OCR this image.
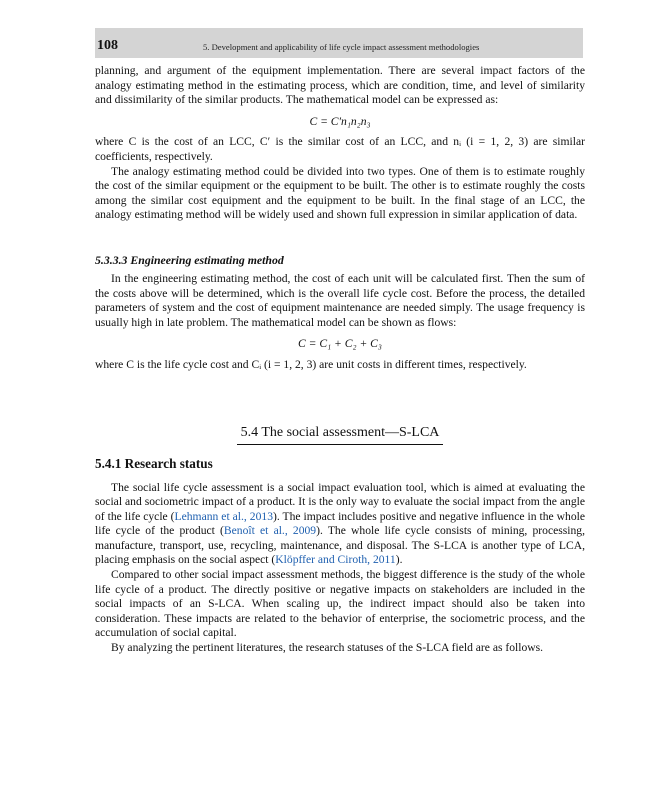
108	5. Development and applicability of life cycle impact assessment methodologies

planning, and argument of the equipment implementation. There are several impact factors of the analogy estimating method in the estimating process, which are condition, time, and level of similarity and dissimilarity of the similar products. The mathematical model can be expressed as:

C = C′n₁n₂n₃

where C is the cost of an LCC, C′ is the similar cost of an LCC, and nᵢ (i = 1, 2, 3) are similar coefficients, respectively.

The analogy estimating method could be divided into two types. One of them is to estimate roughly the cost of the similar equipment or the equipment to be built. The other is to estimate roughly the costs among the similar cost equipment and the equipment to be built. In the final stage of an LCC, the analogy estimating method will be widely used and shown full expression in similar application of data.

5.3.3.3 Engineering estimating method

In the engineering estimating method, the cost of each unit will be calculated first. Then the sum of the costs above will be determined, which is the overall life cycle cost. Before the process, the detailed parameters of system and the cost of equipment maintenance are needed simply. The usage frequency is usually high in late problem. The mathematical model can be shown as flows:

C = C₁ + C₂ + C₃

where C is the life cycle cost and Cᵢ (i = 1, 2, 3) are unit costs in different times, respectively.

5.4 The social assessment—S-LCA
5.4.1 Research status

The social life cycle assessment is a social impact evaluation tool, which is aimed at evaluating the social and sociometric impact of a product. It is the only way to evaluate the social impact from the angle of the life cycle (Lehmann et al., 2013). The impact includes positive and negative influence in the whole life cycle of the product (Benoît et al., 2009). The whole life cycle consists of mining, processing, manufacture, transport, use, recycling, maintenance, and disposal. The S-LCA is another type of LCA, placing emphasis on the social aspect (Klöpffer and Ciroth, 2011).

Compared to other social impact assessment methods, the biggest difference is the study of the whole life cycle of a product. The directly positive or negative impacts on stakeholders are included in the social impacts of an S-LCA. When scaling up, the indirect impact should also be taken into consideration. These impacts are related to the behavior of enterprise, the sociometric process, and the accumulation of social capital.

By analyzing the pertinent literatures, the research statuses of the S-LCA field are as follows.
